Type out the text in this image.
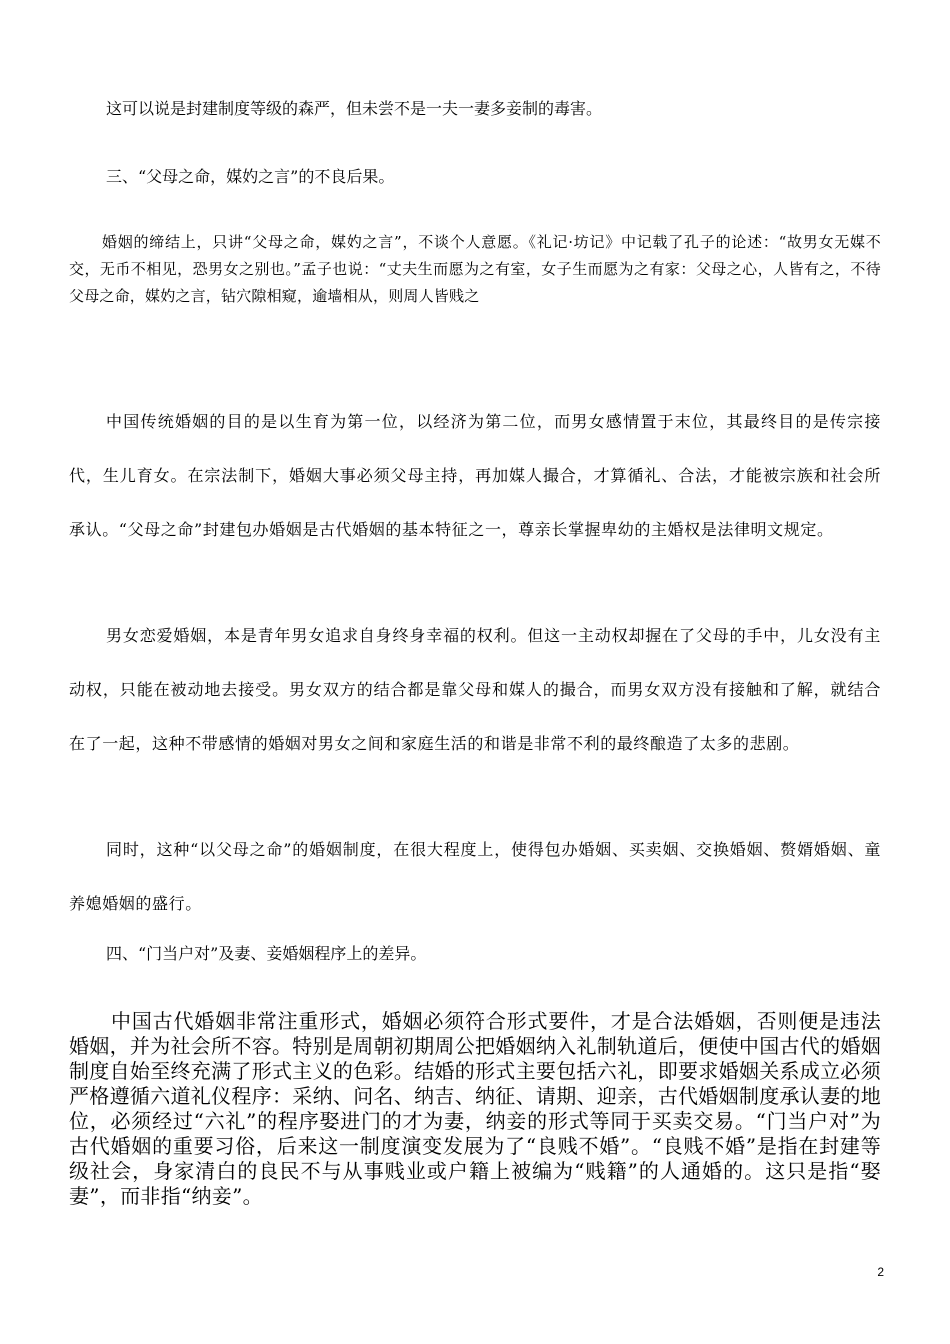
这可以说是封建制度等级的森严，但未尝不是一夫一妻多妾制的毒害。

三、“父母之命，媒妁之言”的不良后果。

婚姻的缔结上，只讲“父母之命，媒妁之言”，不谈个人意愿。《礼记·坊记》中记载了孔子的论述：“故男女无媒不交，无币不相见，恐男女之别也。”孟子也说：“丈夫生而愿为之有室，女子生而愿为之有家：父母之心，人皆有之，不待父母之命，媒妁之言，钻穴隙相窥，逾墙相从，则周人皆贱之

中国传统婚姻的目的是以生育为第一位，以经济为第二位，而男女感情置于末位，其最终目的是传宗接代，生儿育女。在宗法制下，婚姻大事必须父母主持，再加媒人撮合，才算循礼、合法，才能被宗族和社会所承认。“父母之命”封建包办婚姻是古代婚姻的基本特征之一，尊亲长掌握卑幼的主婚权是法律明文规定。

男女恋爱婚姻，本是青年男女追求自身终身幸福的权利。但这一主动权却握在了父母的手中，儿女没有主动权，只能在被动地去接受。男女双方的结合都是靠父母和媒人的撮合，而男女双方没有接触和了解，就结合在了一起，这种不带感情的婚姻对男女之间和家庭生活的和谐是非常不利的最终酿造了太多的悲剧。

同时，这种“以父母之命”的婚姻制度，在很大程度上，使得包办婚姻、买卖姻、交换婚姻、赘婿婚姻、童养媳婚姻的盛行。

四、“门当户对”及妻、妾婚姻程序上的差异。

中国古代婚姻非常注重形式，婚姻必须符合形式要件，才是合法婚姻，否则便是违法婚姻，并为社会所不容。特别是周朝初期周公把婚姻纳入礼制轨道后，便使中国古代的婚姻制度自始至终充满了形式主义的色彩。结婚的形式主要包括六礼，即要求婚姻关系成立必须严格遵循六道礼仪程序：采纳、问名、纳吉、纳征、请期、迎亲，古代婚姻制度承认妻的地位，必须经过“六礼”的程序娶进门的才为妻，纳妾的形式等同于买卖交易。“门当户对”为古代婚姻的重要习俗，后来这一制度演变发展为了“良贱不婚”。“良贱不婚”是指在封建等级社会，身家清白的良民不与从事贱业或户籍上被编为“贱籍”的人通婚的。这只是指“娶妻”，而非指“纳妾”。

2
